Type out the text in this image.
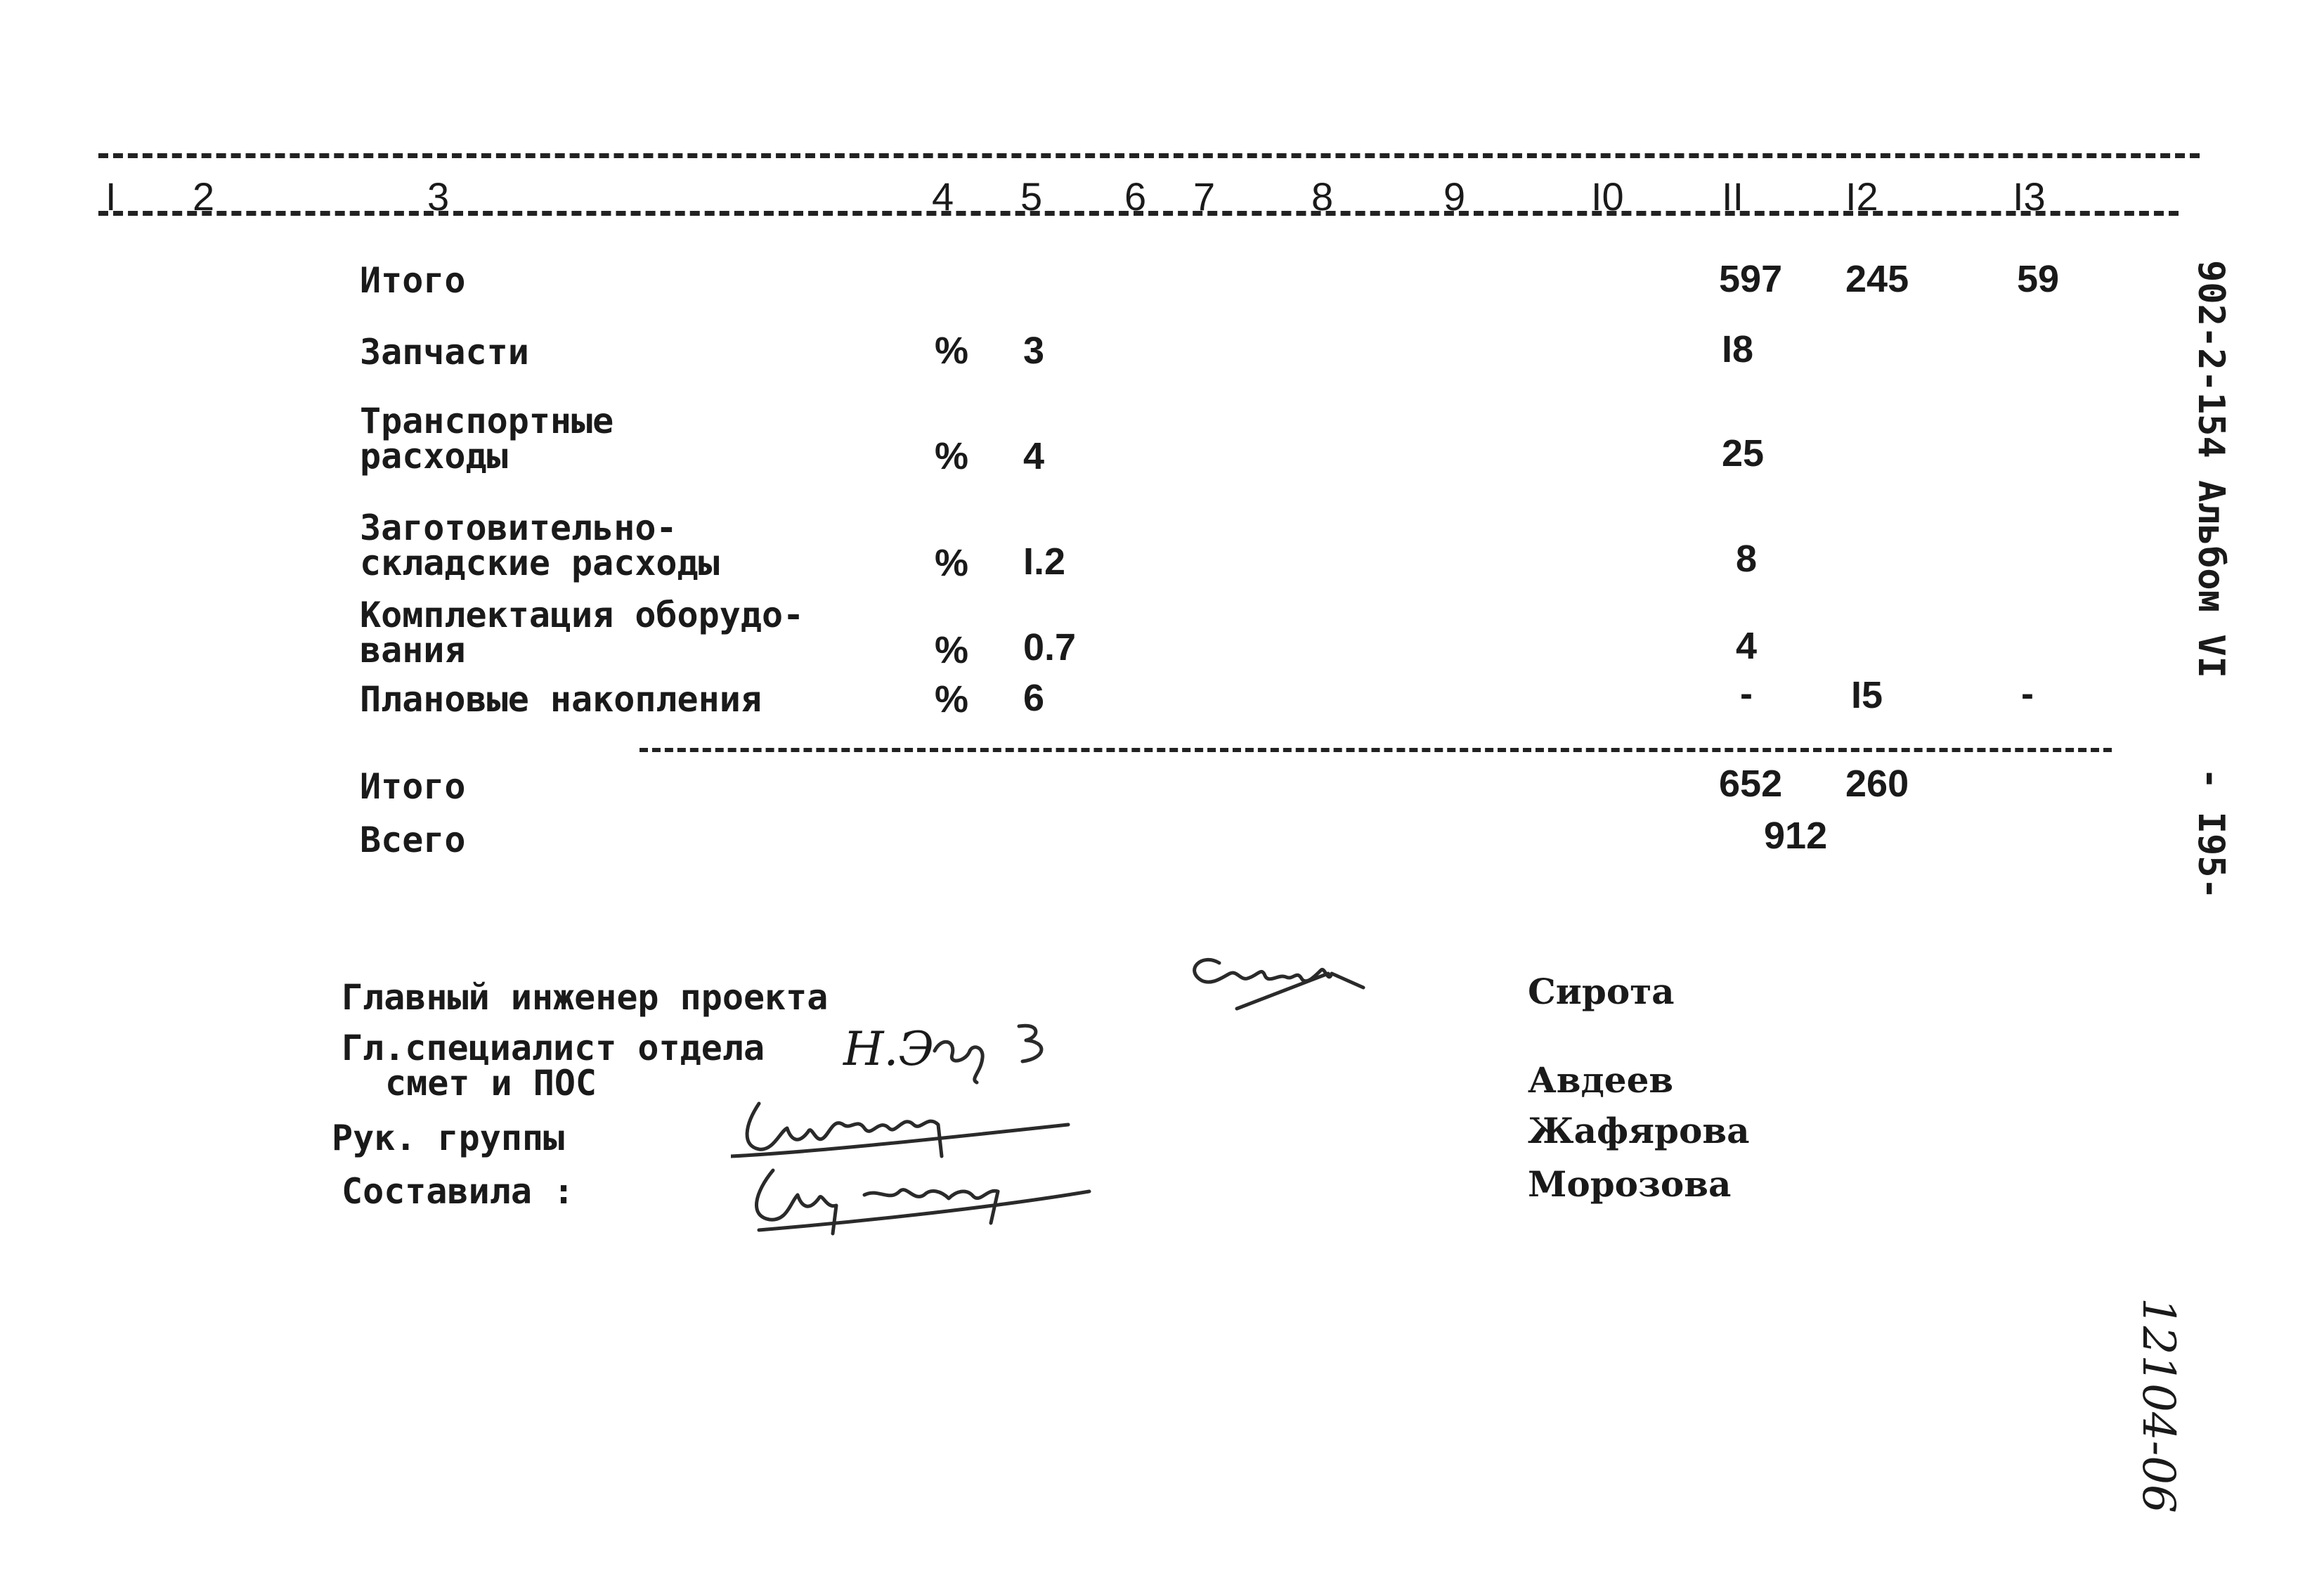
I 2	3	4 5 6 7 8	9	I0 II	I2	I3
Итого	597 245	59
Запчасти	% 3	I8
Транспортные
расходы	% 4	25
Заготовительно-
складские расходы	% I.2	8
Комплектация оборудо-
вания	% 0.7	4
Плановые накопления	% 6	-	I5	-
Итого	652 260
Всего	912
Главный инженер проекта
Гл.специалист отдела
смет и ПОС
Рук. группы
Составила :
Н.Э
Сирота
Авдеев
Жафярова
Морозова
902-2-154 Альбом VI
- I95-
12104-06
